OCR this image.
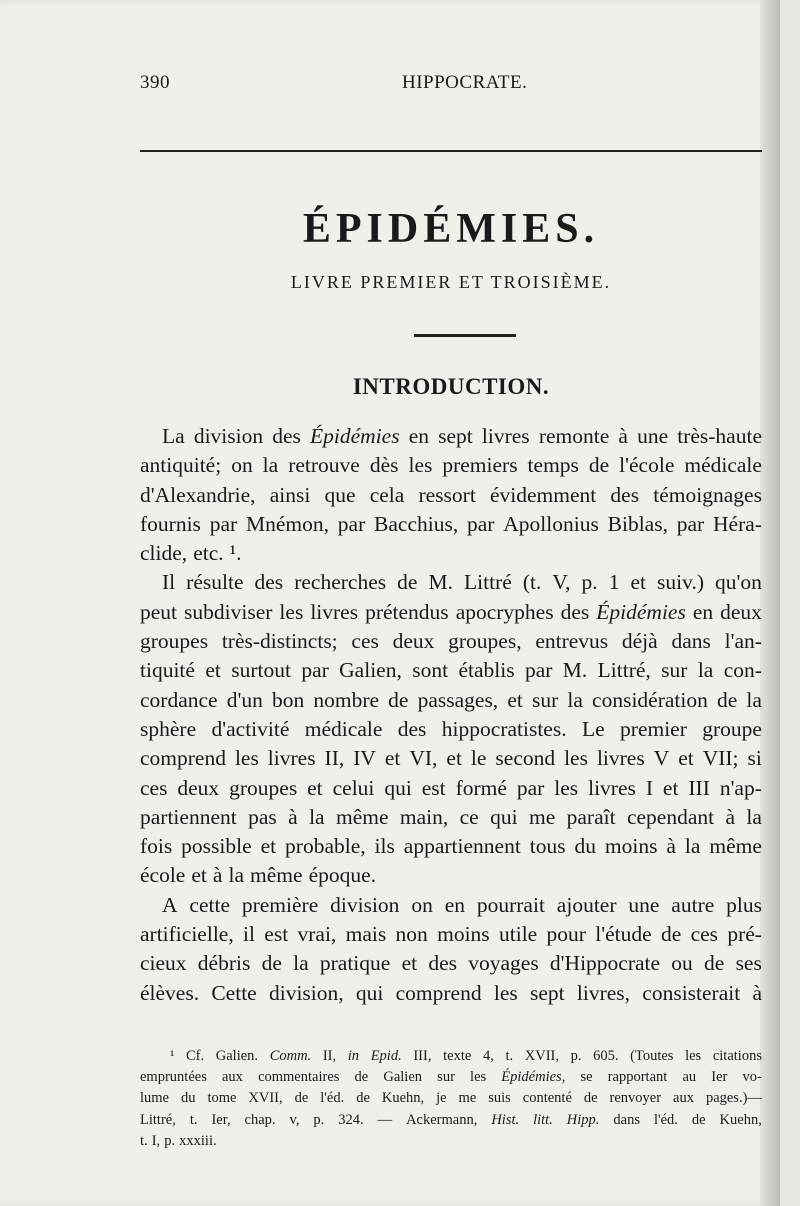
390	HIPPOCRATE.
ÉPIDÉMIES.
LIVRE PREMIER ET TROISIÈME.
INTRODUCTION.
La division des Épidémies en sept livres remonte à une très-haute
antiquité; on la retrouve dès les premiers temps de l'école médicale
d'Alexandrie, ainsi que cela ressort évidemment des témoignages
fournis par Mnémon, par Bacchius, par Apollonius Biblas, par Héra-
clide, etc. ¹.
Il résulte des recherches de M. Littré (t. V, p. 1 et suiv.) qu'on
peut subdiviser les livres prétendus apocryphes des Épidémies en deux
groupes très-distincts; ces deux groupes, entrevus déjà dans l'an-
tiquité et surtout par Galien, sont établis par M. Littré, sur la con-
cordance d'un bon nombre de passages, et sur la considération de la
sphère d'activité médicale des hippocratistes. Le premier groupe
comprend les livres II, IV et VI, et le second les livres V et VII; si
ces deux groupes et celui qui est formé par les livres I et III n'ap-
partiennent pas à la même main, ce qui me paraît cependant à la
fois possible et probable, ils appartiennent tous du moins à la même
école et à la même époque.
A cette première division on en pourrait ajouter une autre plus
artificielle, il est vrai, mais non moins utile pour l'étude de ces pré-
cieux débris de la pratique et des voyages d'Hippocrate ou de ses
élèves. Cette division, qui comprend les sept livres, consisterait à
¹ Cf. Galien. Comm. II, in Epid. III, texte 4, t. XVII, p. 605. (Toutes les citations
empruntées aux commentaires de Galien sur les Épidémies, se rapportant au Ier vo-
lume du tome XVII, de l'éd. de Kuehn, je me suis contenté de renvoyer aux pages.)—
Littré, t. Ier, chap. v, p. 324. — Ackermann, Hist. litt. Hipp. dans l'éd. de Kuehn,
t. I, p. xxxiii.
